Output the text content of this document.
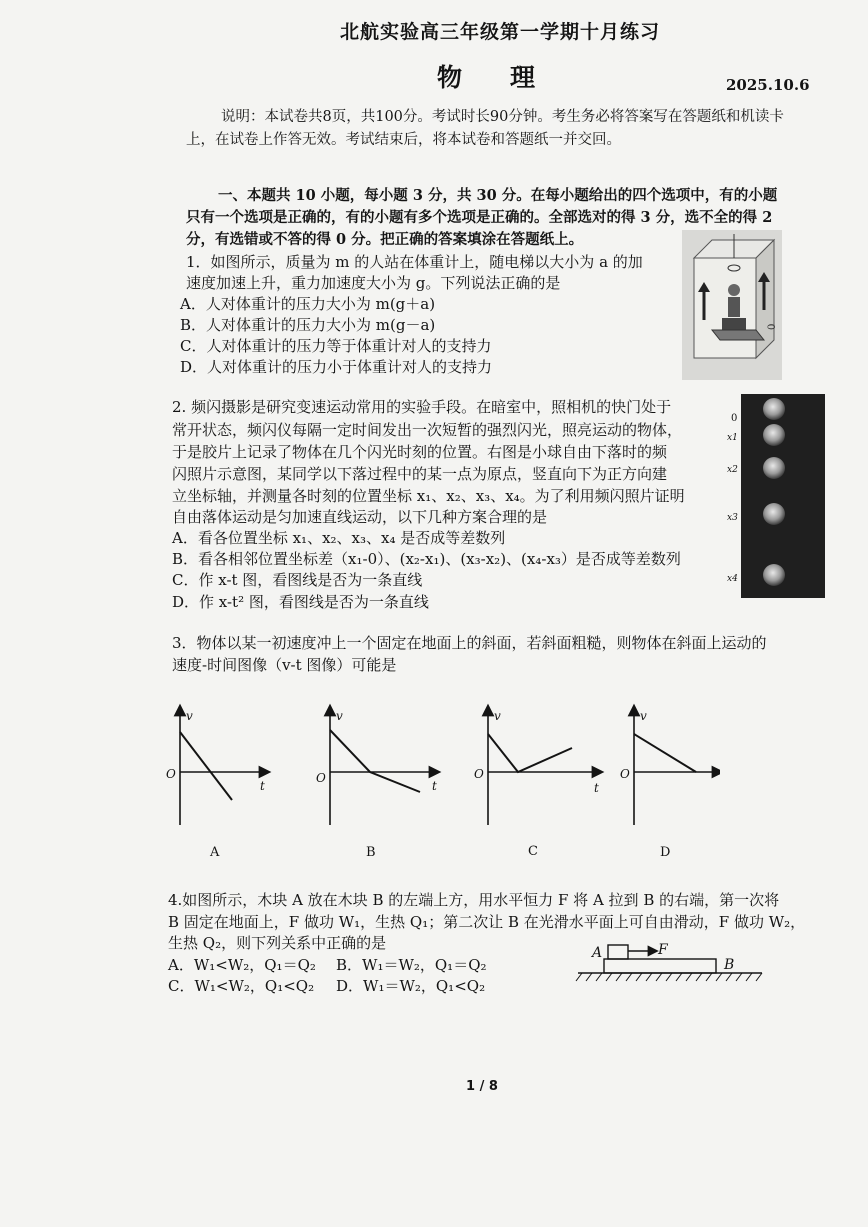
北航实验高三年级第一学期十月练习
物理	2025.10.6
说明：本试卷共8页，共100分。考试时长90分钟。考生务必将答案写在答题纸和机读卡
上，在试卷上作答无效。考试结束后，将本试卷和答题纸一并交回。
一、本题共 10 小题，每小题 3 分，共 30 分。在每小题给出的四个选项中，有的小题
只有一个选项是正确的，有的小题有多个选项是正确的。全部选对的得 3 分，选不全的得 2
分，有选错或不答的得 0 分。把正确的答案填涂在答题纸上。
1．如图所示，质量为 m 的人站在体重计上，随电梯以大小为 a 的加
速度加速上升，重力加速度大小为 g。下列说法正确的是
A．人对体重计的压力大小为 m(g＋a)
B．人对体重计的压力大小为 m(g－a)
C．人对体重计的压力等于体重计对人的支持力
D．人对体重计的压力小于体重计对人的支持力
0
2. 频闪摄影是研究变速运动常用的实验手段。在暗室中，照相机的快门处于
常开状态，频闪仪每隔一定时间发出一次短暂的强烈闪光，照亮运动的物体，
于是胶片上记录了物体在几个闪光时刻的位置。右图是小球自由下落时的频
闪照片示意图，某同学以下落过程中的某一点为原点，竖直向下为正方向建
立坐标轴，并测量各时刻的位置坐标 x₁、x₂、x₃、x₄。为了利用频闪照片证明
自由落体运动是匀加速直线运动，以下几种方案合理的是
A．看各位置坐标 x₁、x₂、x₃、x₄ 是否成等差数列
B．看各相邻位置坐标差（x₁-0）、(x₂-x₁)、(x₃-x₂)、(x₄-x₃）是否成等差数列
C．作 x-t 图，看图线是否为一条直线
D．作 x-t² 图，看图线是否为一条直线
0
x1
x2
x3
x4
3．物体以某一初速度冲上一个固定在地面上的斜面，若斜面粗糙，则物体在斜面上运动的
速度-时间图像（v-t 图像）可能是
v
t
v
t
v
t
v
O	O	O	O
A	B	C	D
4.如图所示，木块 A 放在木块 B 的左端上方，用水平恒力 F 将 A 拉到 B 的右端，第一次将
B 固定在地面上，F 做功 W₁，生热 Q₁；第二次让 B 在光滑水平面上可自由滑动，F 做功 W₂，
生热 Q₂，则下列关系中正确的是
A．W₁<W₂，Q₁＝Q₂ B．W₁＝W₂，Q₁＝Q₂
C．W₁<W₂，Q₁<Q₂ D．W₁＝W₂，Q₁<Q₂
A	F
B
1 / 8
